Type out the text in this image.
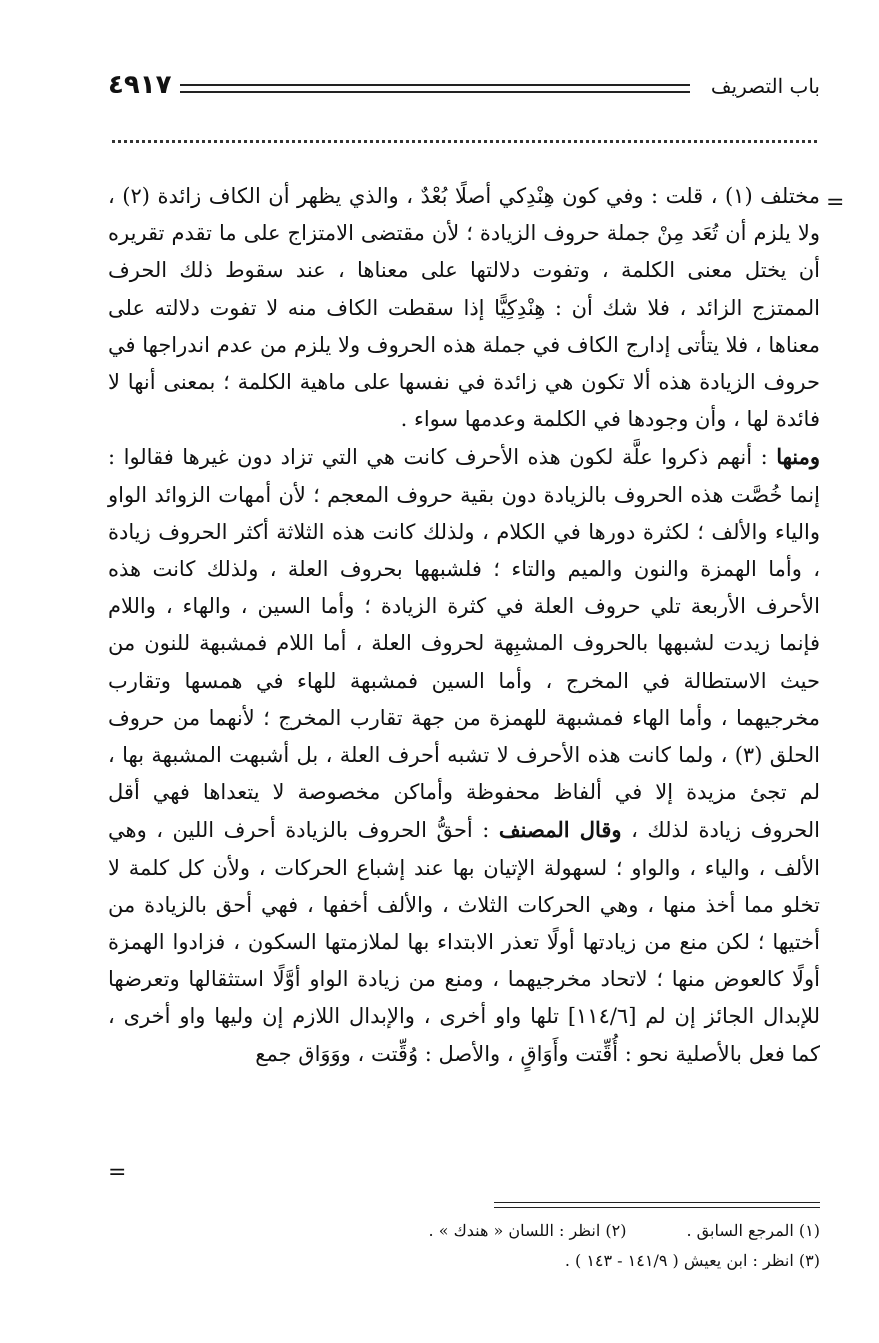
باب التصريف
٤٩١٧
=

مختلف (١) ، قلت : وفي كون هِنْدِكي أصلًا بُعْدٌ ، والذي يظهر أن الكاف زائدة (٢) ، ولا يلزم أن تُعَد مِنْ جملة حروف الزيادة ؛ لأن مقتضى الامتزاج على ما تقدم تقريره أن يختل معنى الكلمة ، وتفوت دلالتها على معناها ، عند سقوط ذلك الحرف الممتزج الزائد ، فلا شك أن : هِنْدِكِيًّا إذا سقطت الكاف منه لا تفوت دلالته على معناها ، فلا يتأتى إدارج الكاف في جملة هذه الحروف ولا يلزم من عدم اندراجها في حروف الزيادة هذه ألا تكون هي زائدة في نفسها على ماهية الكلمة ؛ بمعنى أنها لا فائدة لها ، وأن وجودها في الكلمة وعدمها سواء .

ومنها : أنهم ذكروا علَّة لكون هذه الأحرف كانت هي التي تزاد دون غيرها فقالوا : إنما خُصَّت هذه الحروف بالزيادة دون بقية حروف المعجم ؛ لأن أمهات الزوائد الواو والياء والألف ؛ لكثرة دورها في الكلام ، ولذلك كانت هذه الثلاثة أكثر الحروف زيادة ، وأما الهمزة والنون والميم والتاء ؛ فلشبهها بحروف العلة ، ولذلك كانت هذه الأحرف الأربعة تلي حروف العلة في كثرة الزيادة ؛ وأما السين ، والهاء ، واللام فإنما زيدت لشبهها بالحروف المشبِهة لحروف العلة ، أما اللام فمشبهة للنون من حيث الاستطالة في المخرج ، وأما السين فمشبهة للهاء في همسها وتقارب مخرجيهما ، وأما الهاء فمشبهة للهمزة من جهة تقارب المخرج ؛ لأنهما من حروف الحلق (٣) ، ولما كانت هذه الأحرف لا تشبه أحرف العلة ، بل أشبهت المشبهة بها ، لم تجئ مزيدة إلا في ألفاظ محفوظة وأماكن مخصوصة لا يتعداها فهي أقل الحروف زيادة لذلك ، وقال المصنف : أحقُّ الحروف بالزيادة أحرف اللين ، وهي الألف ، والياء ، والواو ؛ لسهولة الإتيان بها عند إشباع الحركات ، ولأن كل كلمة لا تخلو مما أخذ منها ، وهي الحركات الثلاث ، والألف أخفها ، فهي أحق بالزيادة من أختيها ؛ لكن منع من زيادتها أولًا تعذر الابتداء بها لملازمتها السكون ، فزادوا الهمزة أولًا كالعوض منها ؛ لاتحاد مخرجيهما ، ومنع من زيادة الواو أوَّلًا استثقالها وتعرضها للإبدال الجائز إن لم [١١٤/٦] تلها واو أخرى ، والإبدال اللازم إن وليها واو أخرى ، كما فعل بالأصلية نحو : أُقِّتت وأَوَاقٍ ، والأصل : وُقِّتت ، ووَوَاق جمع

=
(١) المرجع السابق .
(٢) انظر : اللسان « هندك » .
(٣) انظر : ابن يعيش ( ١٤١/٩ - ١٤٣ ) .
